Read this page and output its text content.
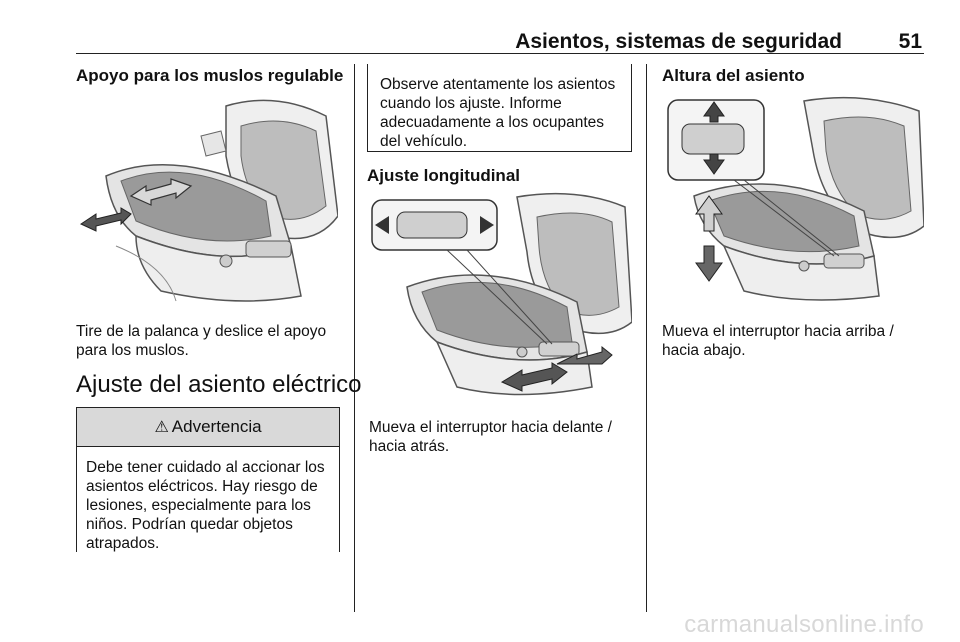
Asientos, sistemas de seguridad	51
Apoyo para los muslos regulable
Tire de la palanca y deslice el apoyo
para los muslos.
Ajuste del asiento eléctrico
⚠ Advertencia
Debe tener cuidado al accionar los
asientos eléctricos. Hay riesgo de
lesiones, especialmente para los
niños. Podrían quedar objetos
atrapados.
Observe atentamente los asientos
cuando los ajuste. Informe
adecuadamente a los ocupantes
del vehículo.
Ajuste longitudinal
Mueva el interruptor hacia delante /
hacia atrás.
Altura del asiento
Mueva el interruptor hacia arriba /
hacia abajo.
carmanualsonline.info
